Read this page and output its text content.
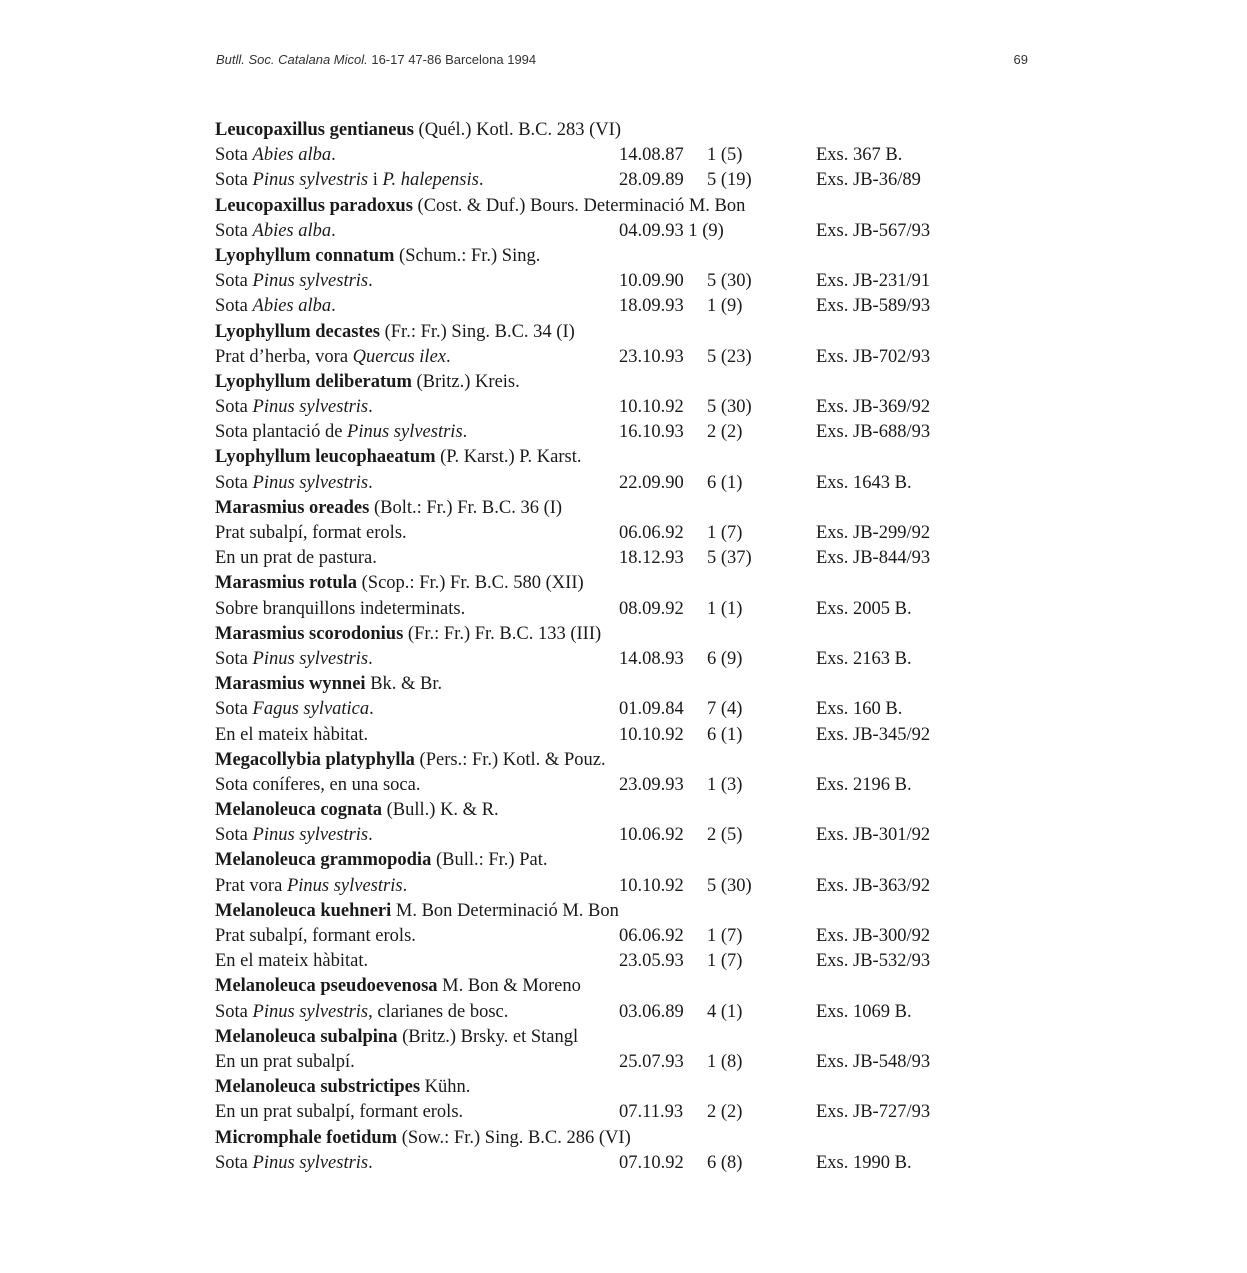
Butll. Soc. Catalana Micol. 16-17 47-86 Barcelona 1994	69
Leucopaxillus gentianeus (Quél.) Kotl. B.C. 283 (VI)
Sota Abies alba.	14.08.87 1 (5)	Exs. 367 B.
Sota Pinus sylvestris i P. halepensis.	28.09.89 5 (19)	Exs. JB-36/89
Leucopaxillus paradoxus (Cost. & Duf.) Bours. Determinació M. Bon
Sota Abies alba.	04.09.93 1 (9)	Exs. JB-567/93
Lyophyllum connatum (Schum.: Fr.) Sing.
Sota Pinus sylvestris.	10.09.90 5 (30)	Exs. JB-231/91
Sota Abies alba.	18.09.93 1 (9)	Exs. JB-589/93
Lyophyllum decastes (Fr.: Fr.) Sing. B.C. 34 (I)
Prat d’herba, vora Quercus ilex.	23.10.93 5 (23)	Exs. JB-702/93
Lyophyllum deliberatum (Britz.) Kreis.
Sota Pinus sylvestris.	10.10.92 5 (30)	Exs. JB-369/92
Sota plantació de Pinus sylvestris.	16.10.93 2 (2)	Exs. JB-688/93
Lyophyllum leucophaeatum (P. Karst.) P. Karst.
Sota Pinus sylvestris.	22.09.90 6 (1)	Exs. 1643 B.
Marasmius oreades (Bolt.: Fr.) Fr. B.C. 36 (I)
Prat subalpí, format erols.	06.06.92 1 (7)	Exs. JB-299/92
En un prat de pastura.	18.12.93 5 (37)	Exs. JB-844/93
Marasmius rotula (Scop.: Fr.) Fr. B.C. 580 (XII)
Sobre branquillons indeterminats.	08.09.92 1 (1)	Exs. 2005 B.
Marasmius scorodonius (Fr.: Fr.) Fr. B.C. 133 (III)
Sota Pinus sylvestris.	14.08.93 6 (9)	Exs. 2163 B.
Marasmius wynnei Bk. & Br.
Sota Fagus sylvatica.	01.09.84 7 (4)	Exs. 160 B.
En el mateix hàbitat.	10.10.92 6 (1)	Exs. JB-345/92
Megacollybia platyphylla (Pers.: Fr.) Kotl. & Pouz.
Sota coníferes, en una soca.	23.09.93 1 (3)	Exs. 2196 B.
Melanoleuca cognata (Bull.) K. & R.
Sota Pinus sylvestris.	10.06.92 2 (5)	Exs. JB-301/92
Melanoleuca grammopodia (Bull.: Fr.) Pat.
Prat vora Pinus sylvestris.	10.10.92 5 (30)	Exs. JB-363/92
Melanoleuca kuehneri M. Bon Determinació M. Bon
Prat subalpí, formant erols.	06.06.92 1 (7)	Exs. JB-300/92
En el mateix hàbitat.	23.05.93 1 (7)	Exs. JB-532/93
Melanoleuca pseudoevenosa M. Bon & Moreno
Sota Pinus sylvestris, clarianes de bosc.	03.06.89 4 (1)	Exs. 1069 B.
Melanoleuca subalpina (Britz.) Brsky. et Stangl
En un prat subalpí.	25.07.93 1 (8)	Exs. JB-548/93
Melanoleuca substrictipes Kühn.
En un prat subalpí, formant erols.	07.11.93 2 (2)	Exs. JB-727/93
Micromphale foetidum (Sow.: Fr.) Sing. B.C. 286 (VI)
Sota Pinus sylvestris.	07.10.92 6 (8)	Exs. 1990 B.
